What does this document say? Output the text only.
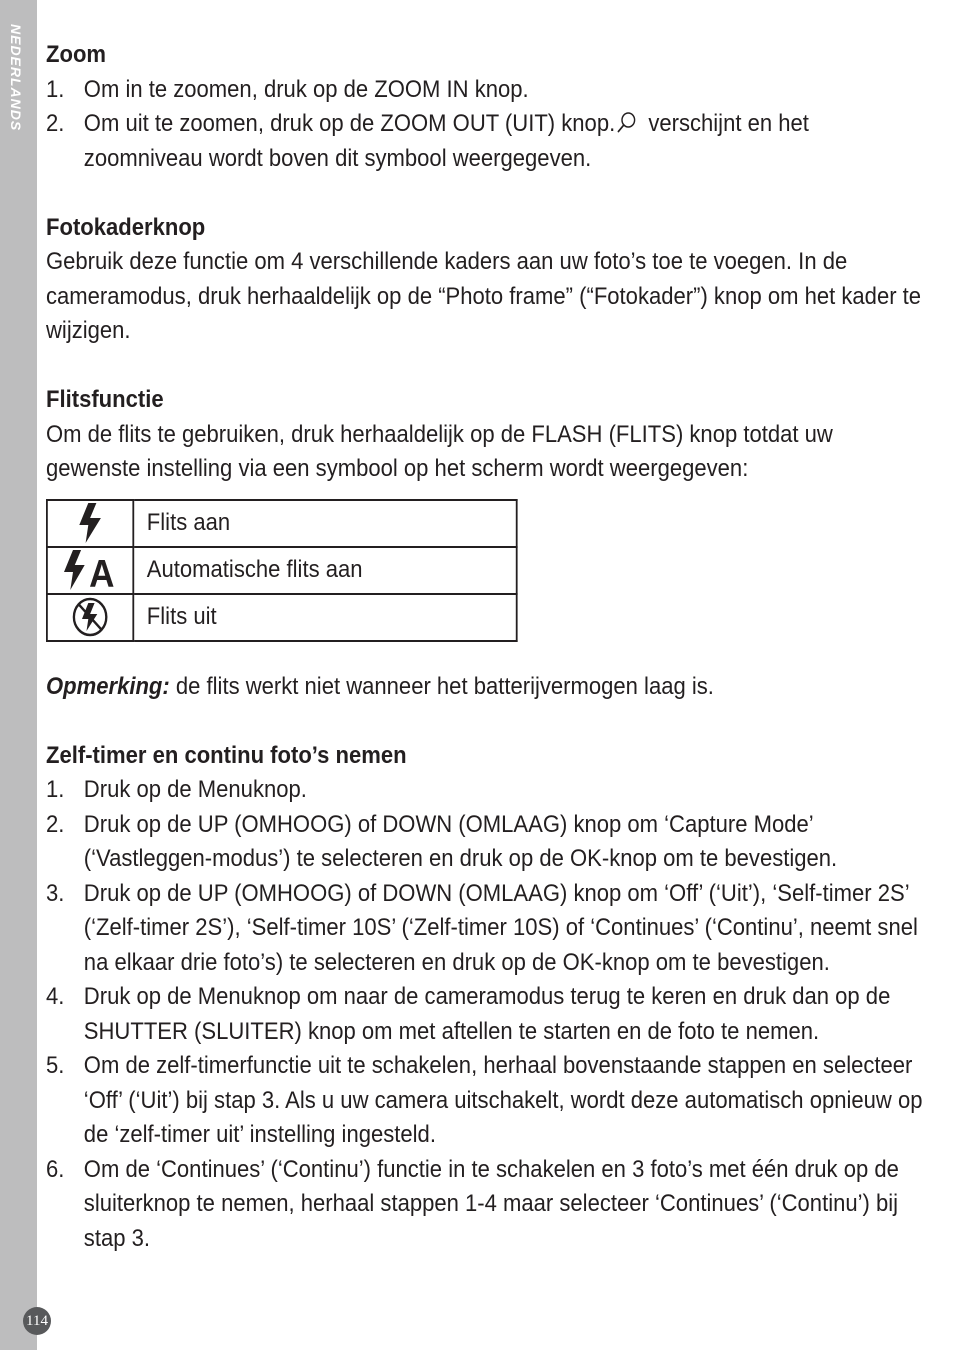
NEDERLANDS
114
Zoom
1. Om in te zoomen, druk op de ZOOM IN knop.
2. Om uit te zoomen, druk op de ZOOM OUT (UIT) knop. verschijnt en het zoomniveau wordt boven dit symbool weergegeven.
Fotokaderknop

Gebruik deze functie om 4 verschillende kaders aan uw foto’s toe te voegen. In de cameramodus, druk herhaaldelijk op de “Photo frame” (“Fotokader”) knop om het kader te wijzigen.

Flitsfunctie

Om de flits te gebruiken, druk herhaaldelijk op de FLASH (FLITS) knop totdat uw gewenste instelling via een symbool op het scherm wordt weergegeven:

	Flits aan

A	Automatische flits aan

	Flits uit

Opmerking: de flits werkt niet wanneer het batterijvermogen laag is.

Zelf-timer en continu foto’s nemen
1. Druk op de Menuknop.
2. Druk op de UP (OMHOOG) of DOWN (OMLAAG) knop om ‘Capture Mode’ (‘Vastleggen-modus’) te selecteren en druk op de OK-knop om te bevestigen.
3. Druk op de UP (OMHOOG) of DOWN (OMLAAG) knop om ‘Off’ (‘Uit’), ‘Self-timer 2S’ (‘Zelf-timer 2S’), ‘Self-timer 10S’ (‘Zelf-timer 10S) of ‘Continues’ (‘Continu’, neemt snel na elkaar drie foto’s) te selecteren en druk op de OK-knop om te bevestigen.
4. Druk op de Menuknop om naar de cameramodus terug te keren en druk dan op de SHUTTER (SLUITER) knop om met aftellen te starten en de foto te nemen.
5. Om de zelf-timerfunctie uit te schakelen, herhaal bovenstaande stappen en selecteer ‘Off’ (‘Uit’) bij stap 3. Als u uw camera uitschakelt, wordt deze automatisch opnieuw op de ‘zelf-timer uit’ instelling ingesteld.
6. Om de ‘Continues’ (‘Continu’) functie in te schakelen en 3 foto’s met één druk op de sluiterknop te nemen, herhaal stappen 1-4 maar selecteer ‘Continues’ (‘Continu’) bij stap 3.
